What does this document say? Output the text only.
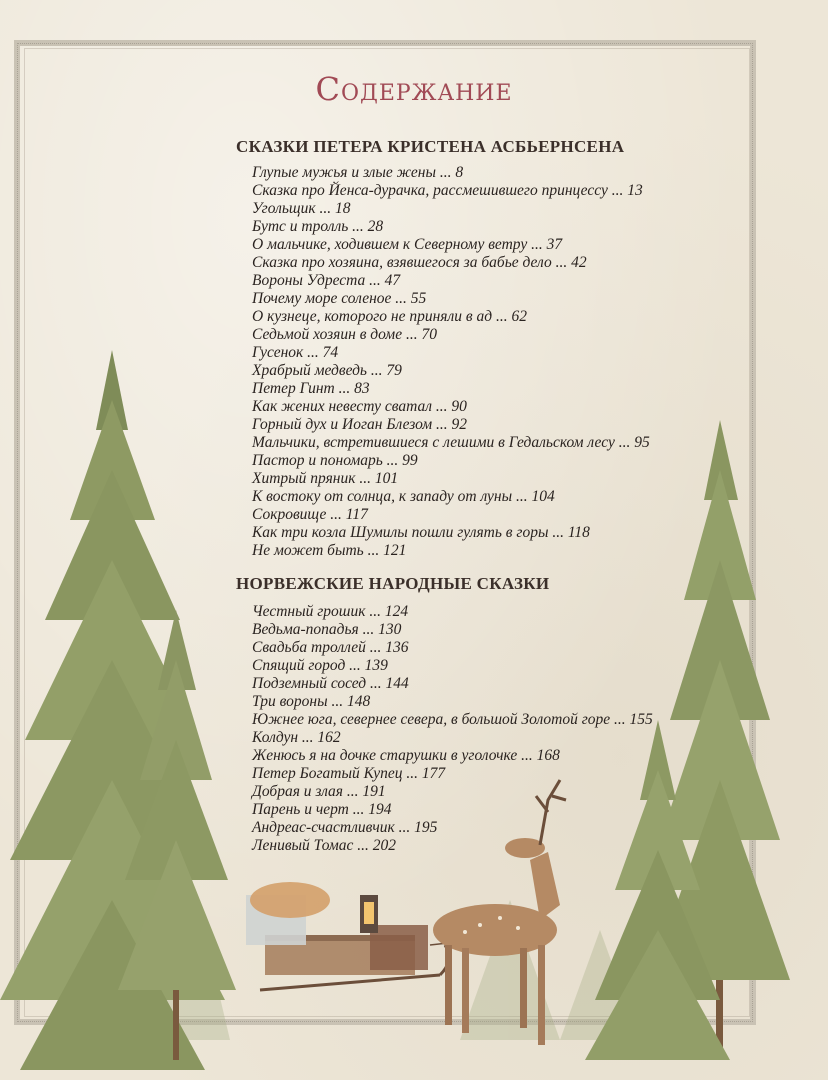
Содержание
СКАЗКИ ПЕТЕРА КРИСТЕНА АСБЬЕРНСЕНА
Глупые мужья и злые жены ... 8
Сказка про Йенса-дурачка, рассмешившего принцессу ... 13
Угольщик ... 18
Бутс и тролль ... 28
О мальчике, ходившем к Северному ветру ... 37
Сказка про хозяина, взявшегося за бабье дело ... 42
Вороны Удреста ... 47
Почему море соленое ... 55
О кузнеце, которого не приняли в ад ... 62
Седьмой хозяин в доме ... 70
Гусенок ... 74
Храбрый медведь ... 79
Петер Гинт ... 83
Как жених невесту сватал ... 90
Горный дух и Иоган Блезом ... 92
Мальчики, встретившиеся с лешими в Гедальском лесу ... 95
Пастор и пономарь ... 99
Хитрый пряник ... 101
К востоку от солнца, к западу от луны ... 104
Сокровище ... 117
Как три козла Шумилы пошли гулять в горы ... 118
Не может быть ... 121
НОРВЕЖСКИЕ НАРОДНЫЕ СКАЗКИ
Честный грошик ... 124
Ведьма-попадья ... 130
Свадьба троллей ... 136
Спящий город ... 139
Подземный сосед ... 144
Три вороны ... 148
Южнее юга, севернее севера, в большой Золотой горе ... 155
Колдун ... 162
Женюсь я на дочке старушки в уголочке ... 168
Петер Богатый Купец ... 177
Добрая и злая ... 191
Парень и черт ... 194
Андреас-счастливчик ... 195
Ленивый Томас ... 202
